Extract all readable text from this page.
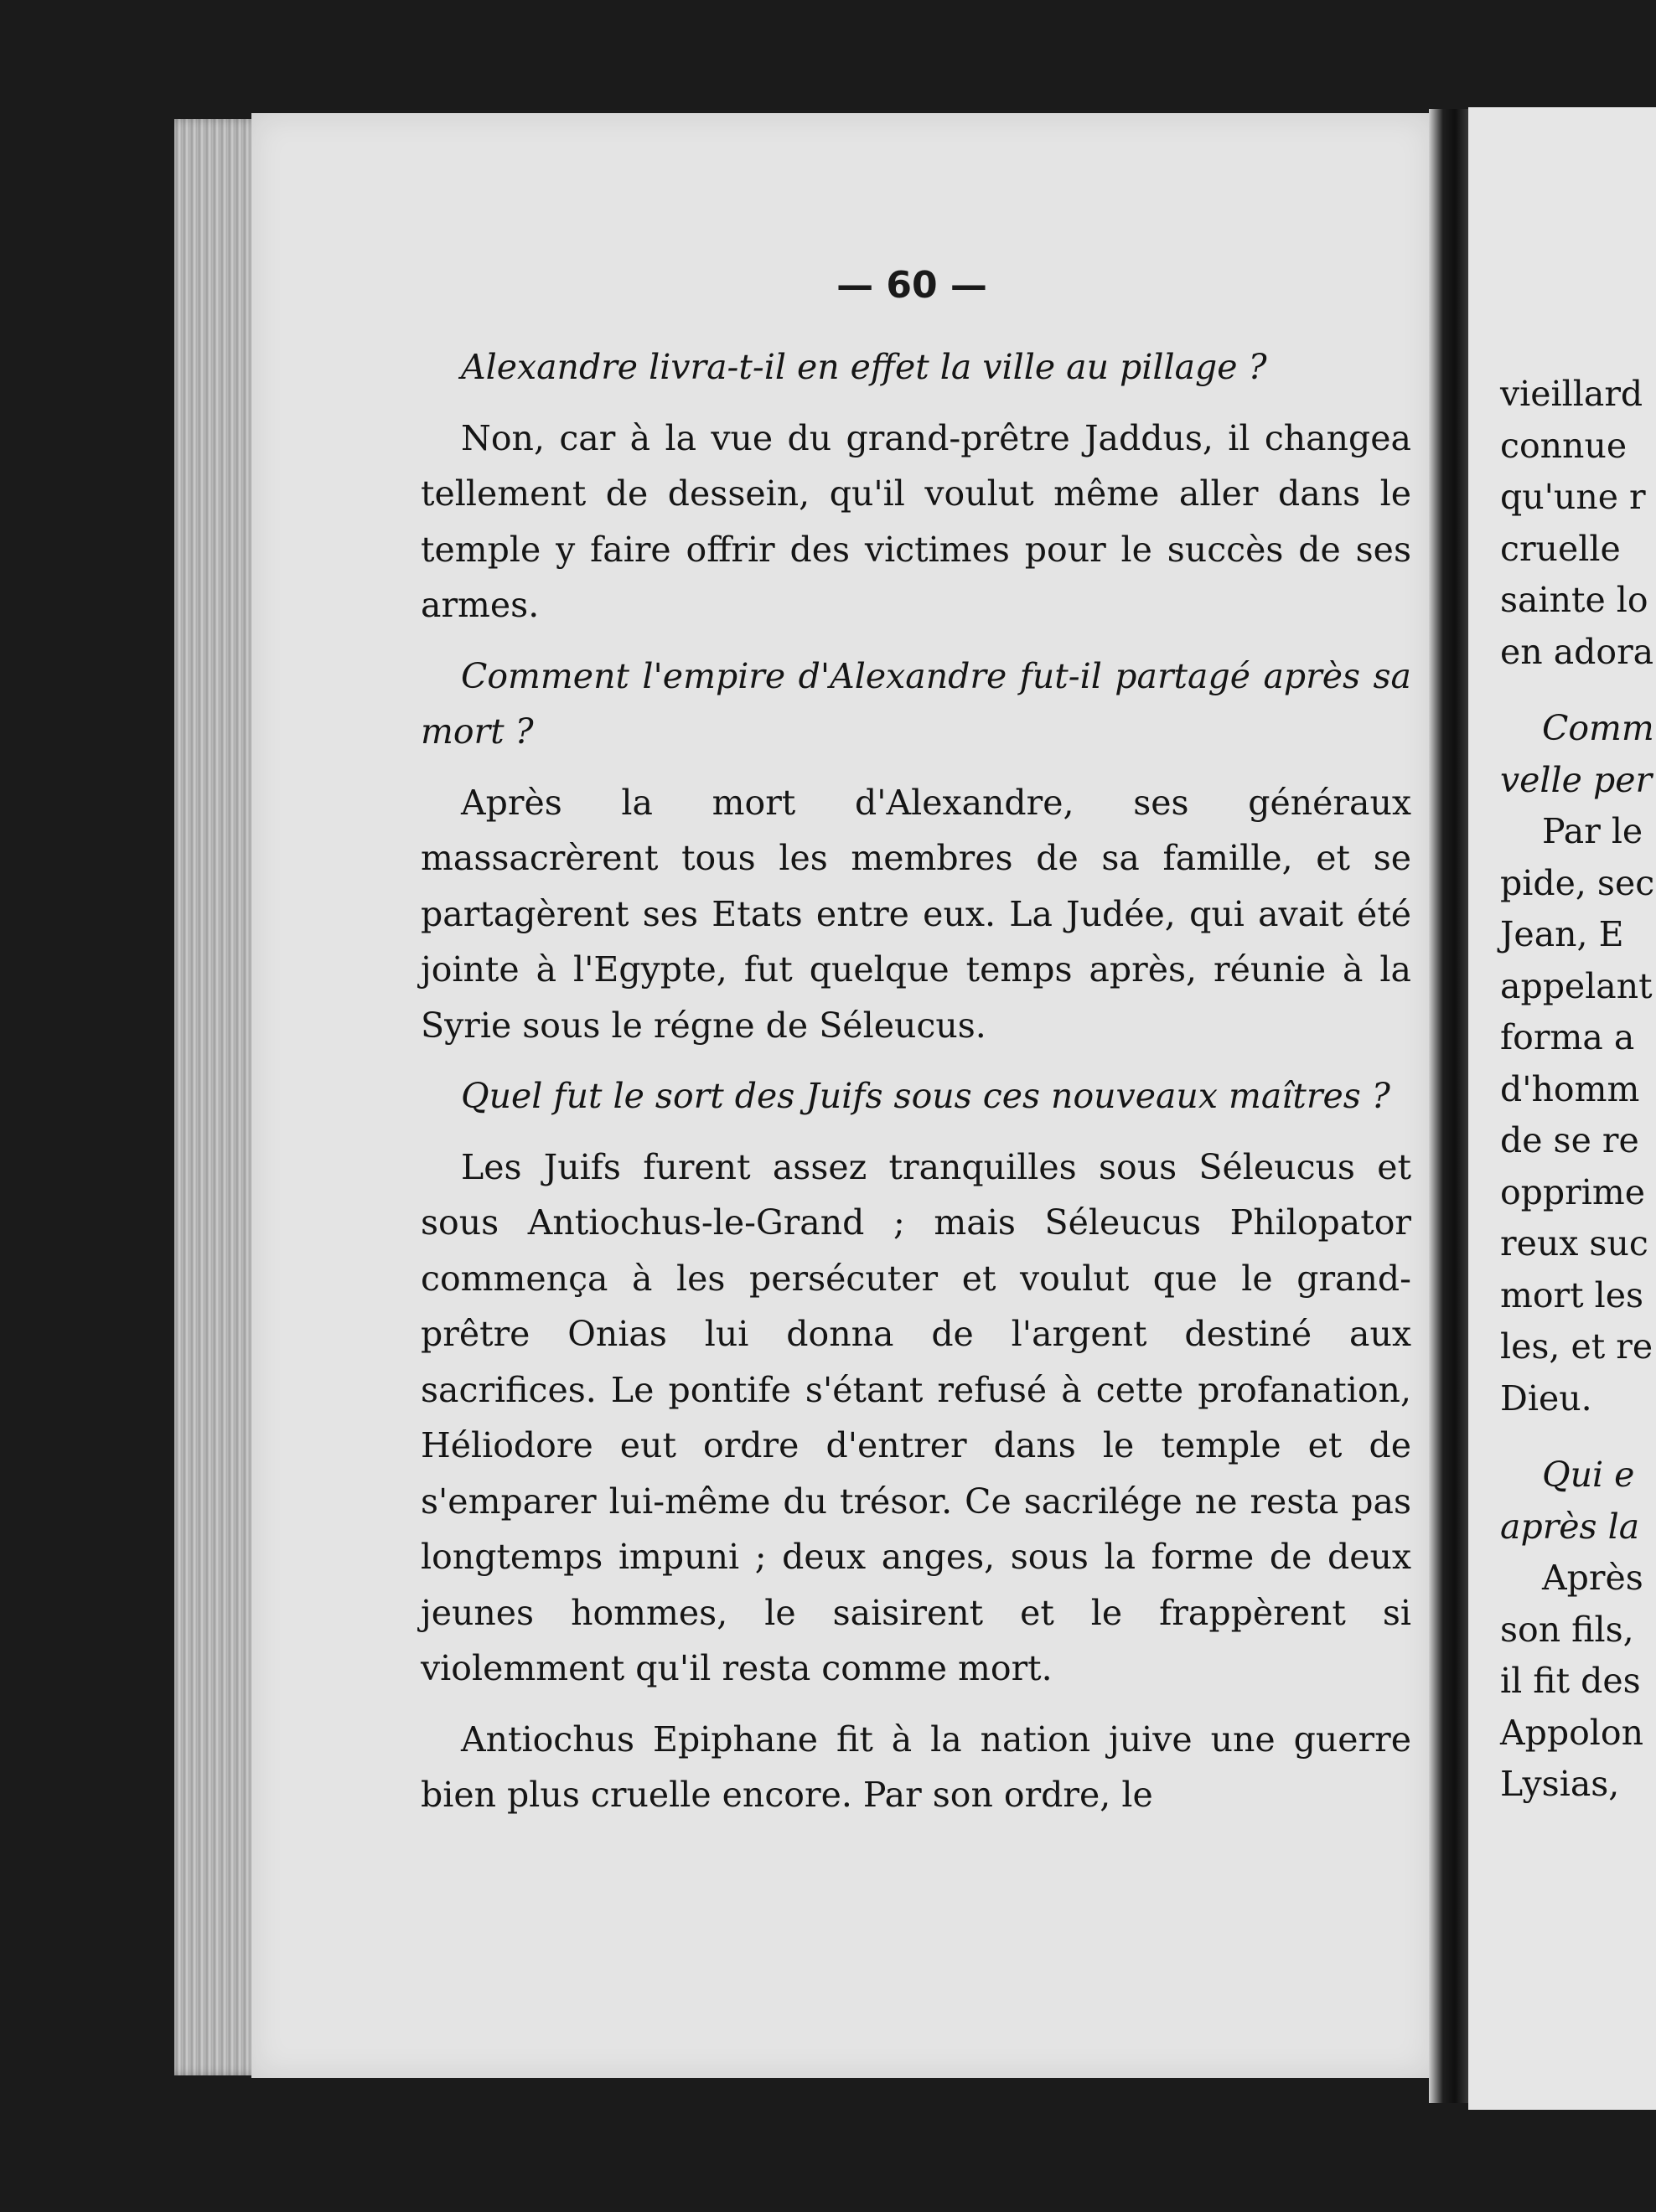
— 60 —

Alexandre livra-t-il en effet la ville au pillage ?

Non, car à la vue du grand-prêtre Jaddus, il changea tellement de dessein, qu'il voulut même aller dans le temple y faire offrir des victimes pour le succès de ses armes.

Comment l'empire d'Alexandre fut-il partagé après sa mort ?

Après la mort d'Alexandre, ses généraux massacrèrent tous les membres de sa famille, et se partagèrent ses Etats entre eux. La Judée, qui avait été jointe à l'Egypte, fut quelque temps après, réunie à la Syrie sous le régne de Séleucus.

Quel fut le sort des Juifs sous ces nouveaux maîtres ?

Les Juifs furent assez tranquilles sous Séleucus et sous Antiochus-le-Grand ; mais Séleucus Philopator commença à les persécuter et voulut que le grand-prêtre Onias lui donna de l'argent destiné aux sacrifices. Le pontife s'étant refusé à cette profanation, Héliodore eut ordre d'entrer dans le temple et de s'emparer lui-même du trésor. Ce sacrilége ne resta pas longtemps impuni ; deux anges, sous la forme de deux jeunes hommes, le saisirent et le frappèrent si violemment qu'il resta comme mort.

Antiochus Epiphane fit à la nation juive une guerre bien plus cruelle encore. Par son ordre, le

vieillard
connue
qu'une r
cruelle
sainte lo
en adora
Comm
velle per
Par le
pide, sec
Jean, E
appelant
forma a
d'homm
de se re
opprime
reux suc
mort les
les, et re
Dieu.
Qui e
après la
Après
son fils,
il fit des
Appolon
Lysias,
